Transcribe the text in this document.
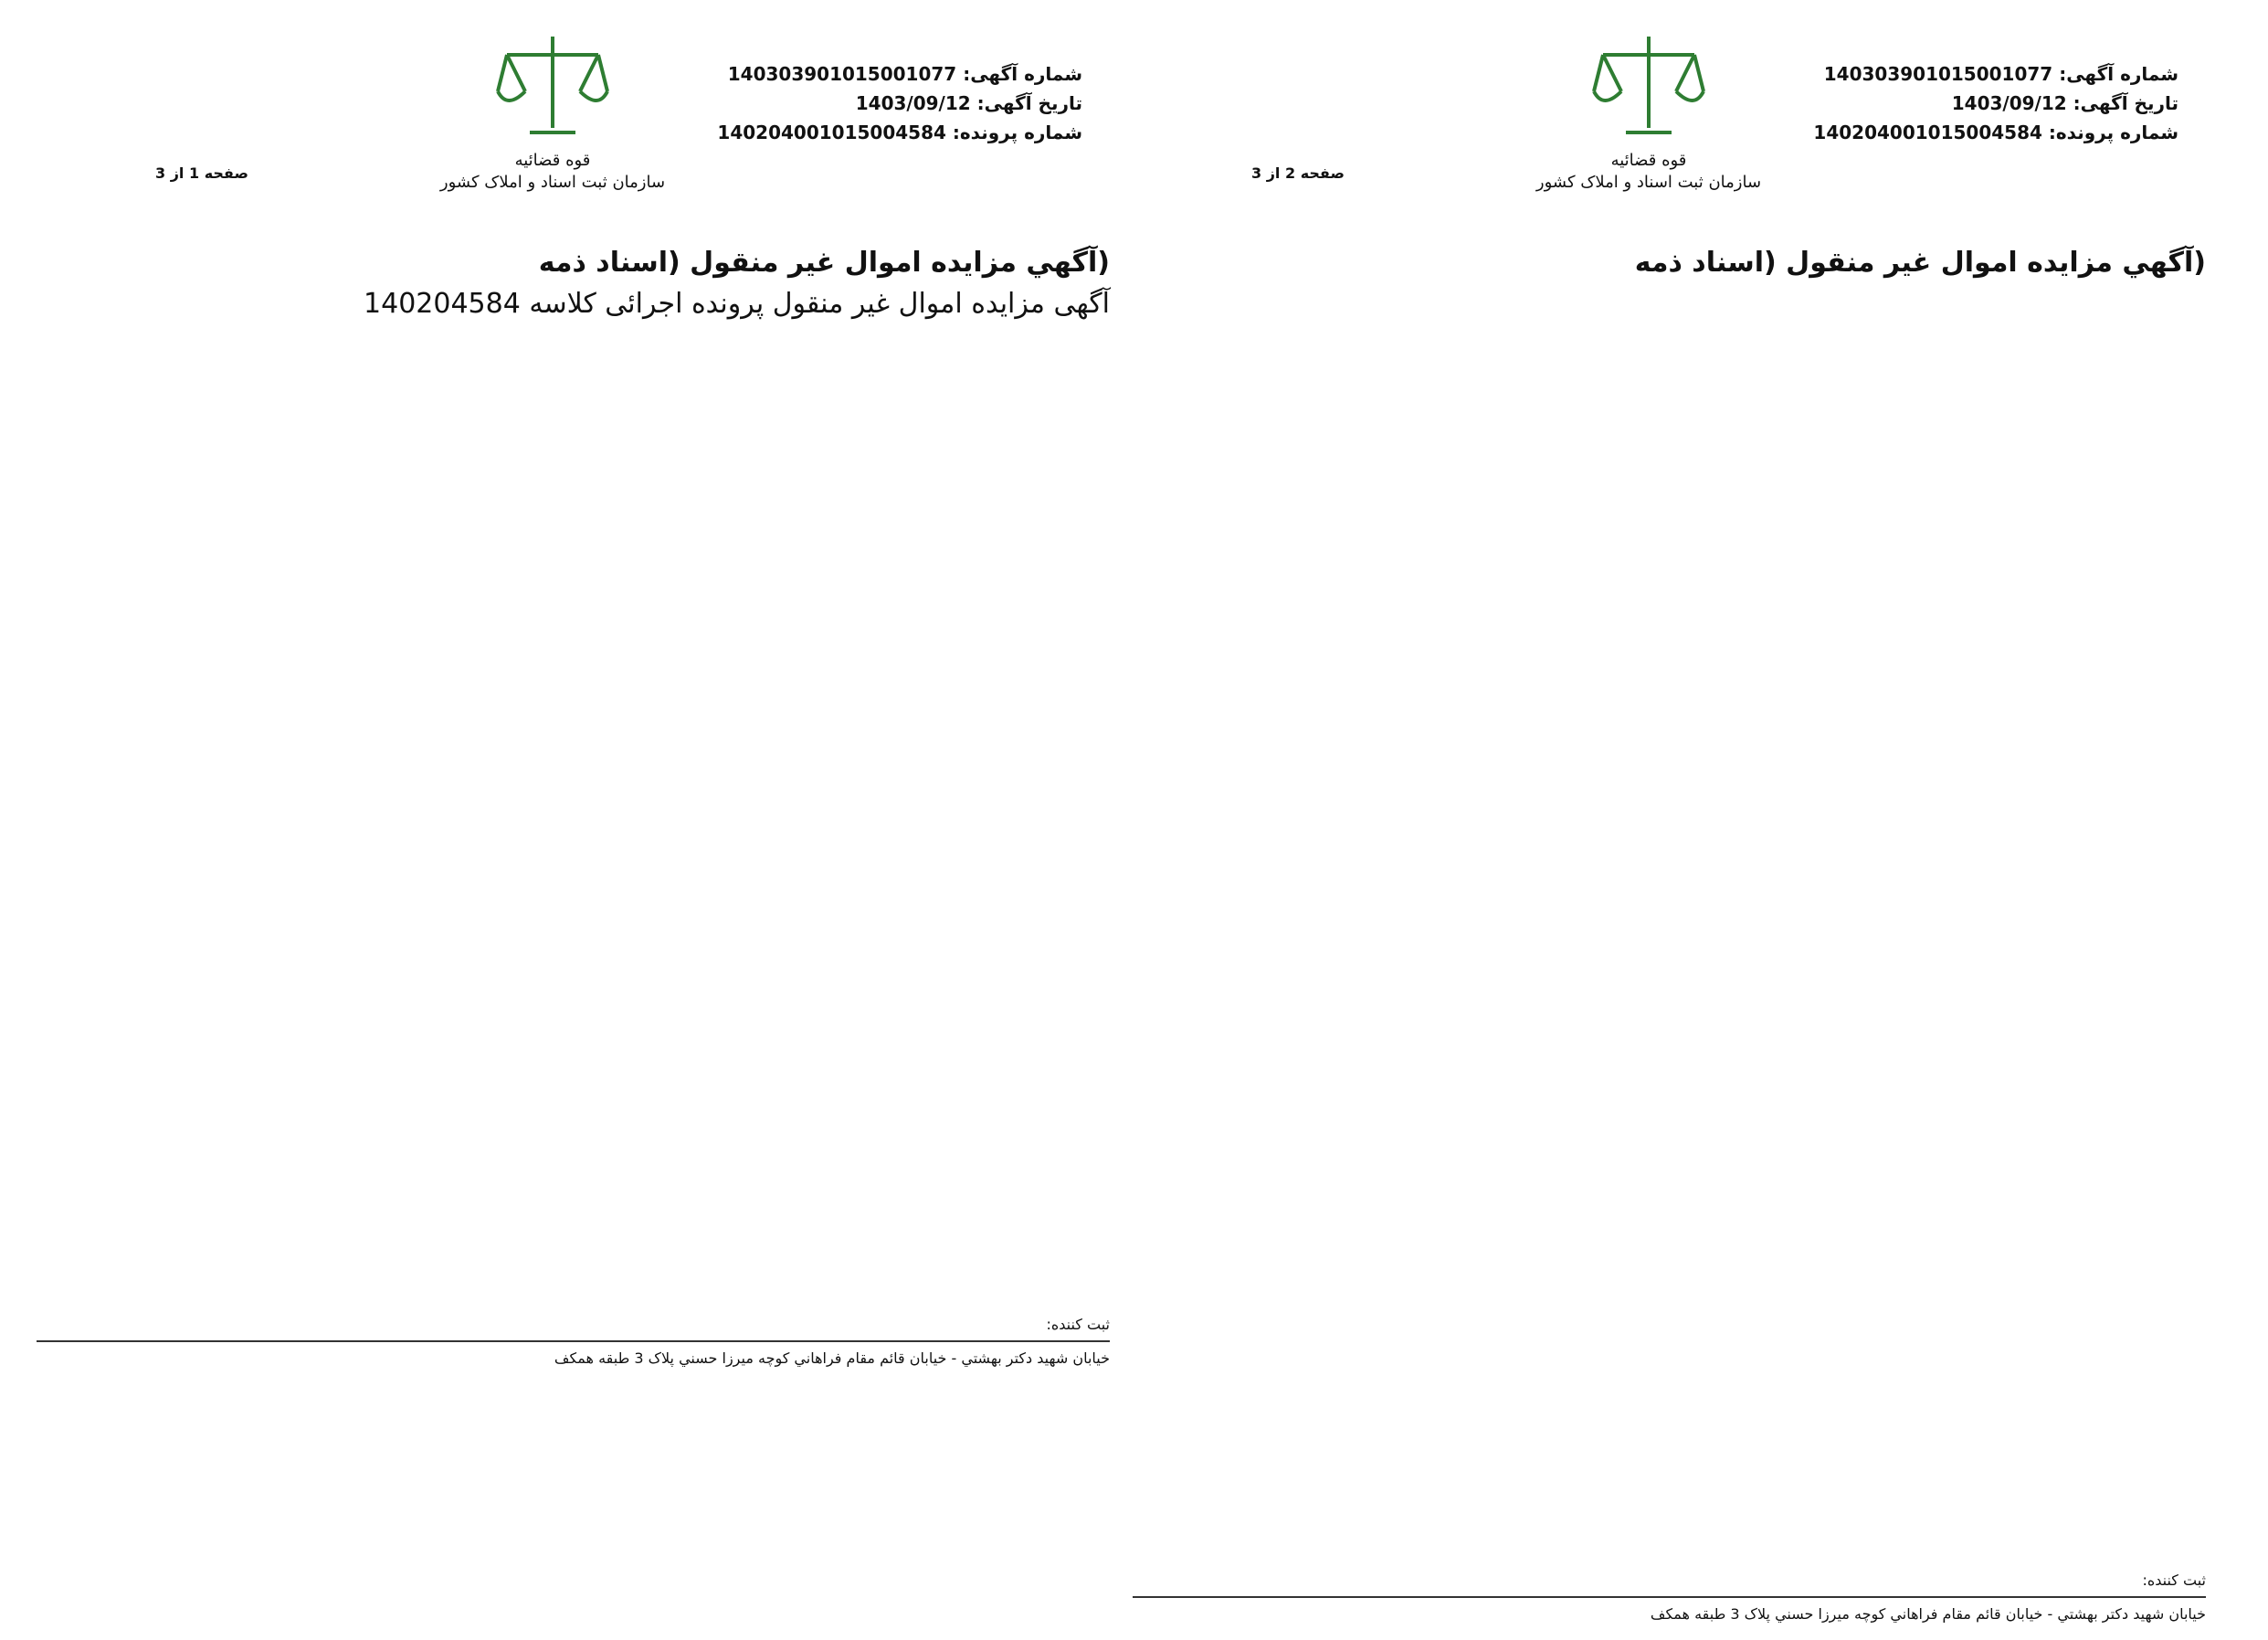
شماره آگهی: 140303901015001077
تاریخ آگهی: 1403/09/12
شماره پرونده: 140204001015004584
قوه قضائیه
سازمان ثبت اسناد و املاک کشور
صفحه 2 از 3
(آگهي مزايده اموال غير منقول (اسناد ذمه
ثبت کننده:
خيابان شهيد دكتر بهشتي - خيابان قائم مقام فراهاني كوچه ميرزا حسني پلاک 3 طبقه همكف
شماره آگهی: 140303901015001077
تاریخ آگهی: 1403/09/12
شماره پرونده: 140204001015004584
قوه قضائیه
سازمان ثبت اسناد و املاک کشور
صفحه 1 از 3
(آگهي مزايده اموال غير منقول (اسناد ذمه
آگهی مزایده اموال غیر منقول پرونده اجرائی کلاسه 140204584
ثبت کننده:
خيابان شهيد دكتر بهشتي - خيابان قائم مقام فراهاني كوچه ميرزا حسني پلاک 3 طبقه همكف
